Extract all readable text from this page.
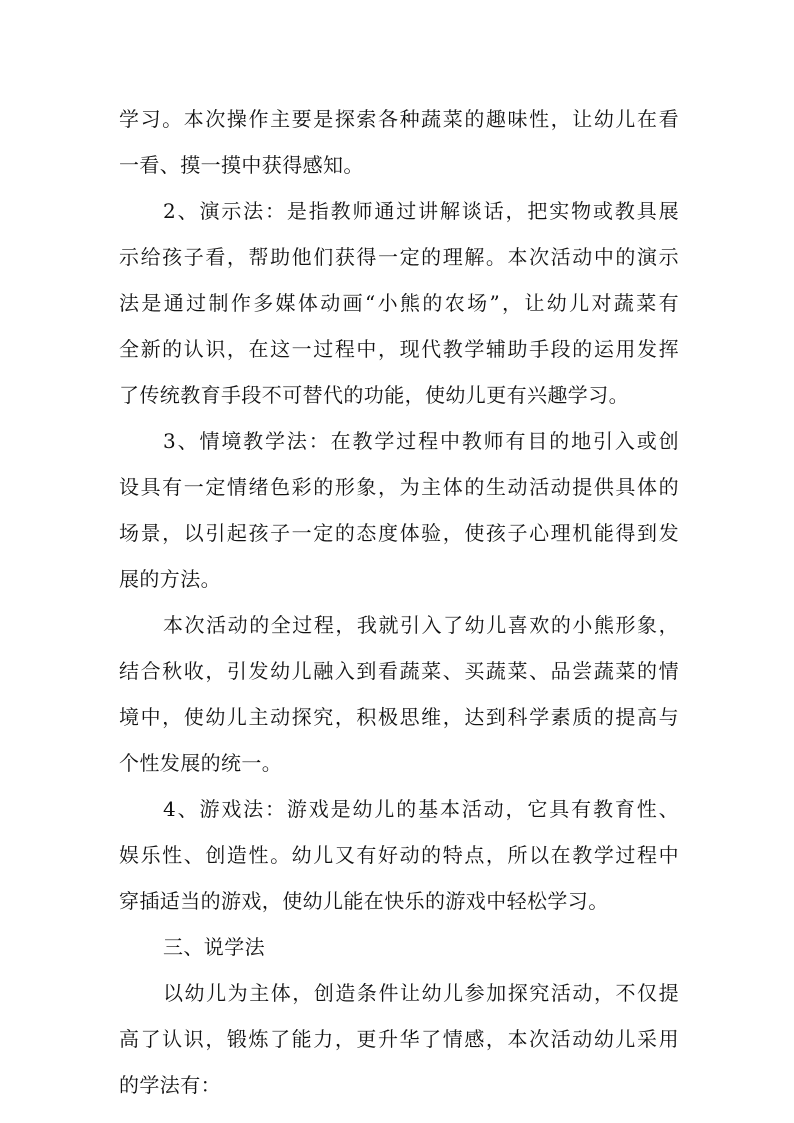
学习。本次操作主要是探索各种蔬菜的趣味性，让幼儿在看
一看、摸一摸中获得感知。
2、演示法：是指教师通过讲解谈话，把实物或教具展
示给孩子看，帮助他们获得一定的理解。本次活动中的演示
法是通过制作多媒体动画“小熊的农场”，让幼儿对蔬菜有
全新的认识，在这一过程中，现代教学辅助手段的运用发挥
了传统教育手段不可替代的功能，使幼儿更有兴趣学习。
3、情境教学法：在教学过程中教师有目的地引入或创
设具有一定情绪色彩的形象，为主体的生动活动提供具体的
场景，以引起孩子一定的态度体验，使孩子心理机能得到发
展的方法。
本次活动的全过程，我就引入了幼儿喜欢的小熊形象，
结合秋收，引发幼儿融入到看蔬菜、买蔬菜、品尝蔬菜的情
境中，使幼儿主动探究，积极思维，达到科学素质的提高与
个性发展的统一。
4、游戏法：游戏是幼儿的基本活动，它具有教育性、
娱乐性、创造性。幼儿又有好动的特点，所以在教学过程中
穿插适当的游戏，使幼儿能在快乐的游戏中轻松学习。
三、说学法
以幼儿为主体，创造条件让幼儿参加探究活动，不仅提
高了认识，锻炼了能力，更升华了情感，本次活动幼儿采用
的学法有：
